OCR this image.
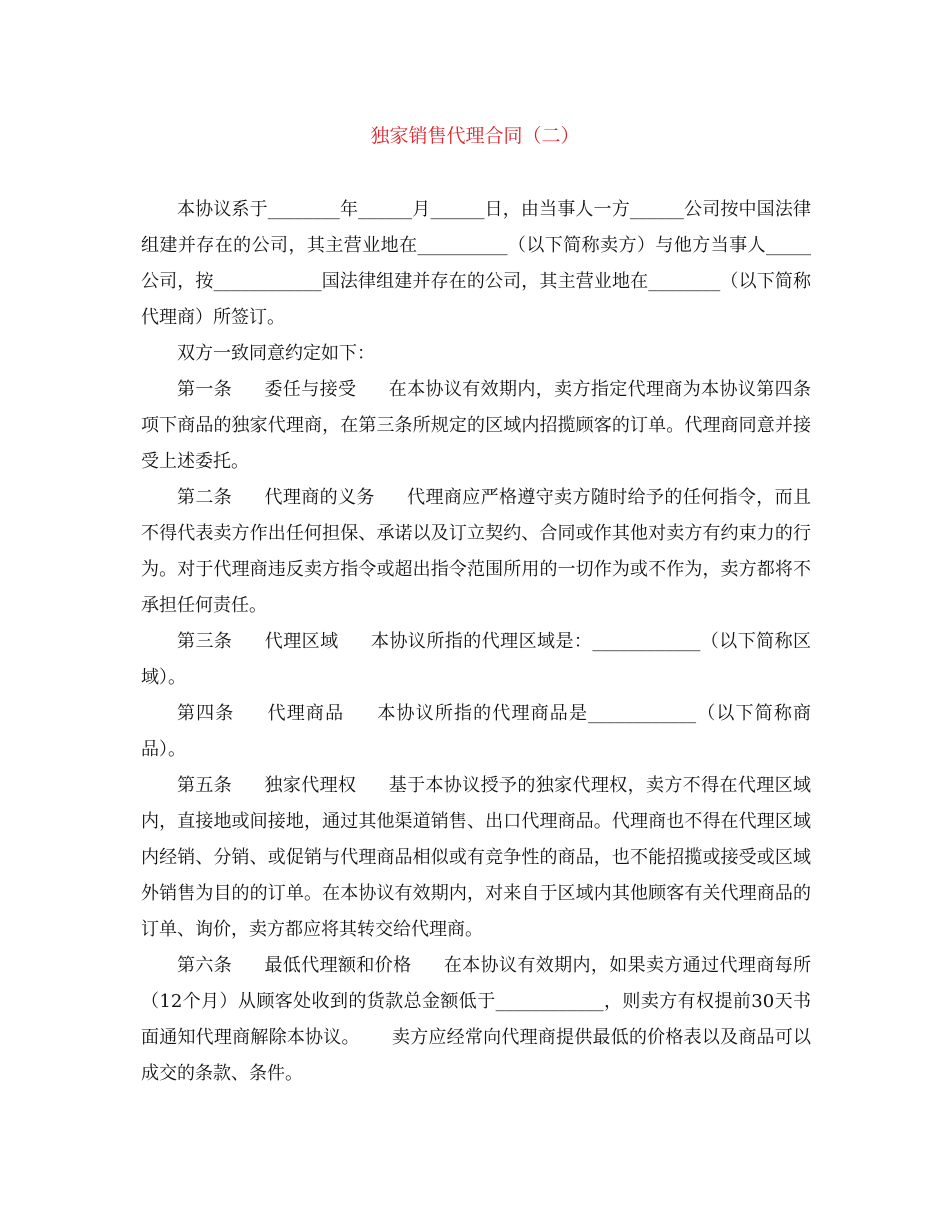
独家销售代理合同（二）

本协议系于________年______月______日，由当事人一方______公司按中国法律组建并存在的公司，其主营业地在__________（以下简称卖方）与他方当事人_____公司，按____________国法律组建并存在的公司，其主营业地在________（以下简称代理商）所签订。

双方一致同意约定如下：

第一条 委任与接受 在本协议有效期内，卖方指定代理商为本协议第四条项下商品的独家代理商，在第三条所规定的区域内招揽顾客的订单。代理商同意并接受上述委托。

第二条 代理商的义务 代理商应严格遵守卖方随时给予的任何指令，而且不得代表卖方作出任何担保、承诺以及订立契约、合同或作其他对卖方有约束力的行为。对于代理商违反卖方指令或超出指令范围所用的一切作为或不作为，卖方都将不承担任何责任。

第三条 代理区域 本协议所指的代理区域是：____________（以下简称区域）。

第四条 代理商品 本协议所指的代理商品是____________（以下简称商品）。

第五条 独家代理权 基于本协议授予的独家代理权，卖方不得在代理区域内，直接地或间接地，通过其他渠道销售、出口代理商品。代理商也不得在代理区域内经销、分销、或促销与代理商品相似或有竞争性的商品，也不能招揽或接受或区域外销售为目的的订单。在本协议有效期内，对来自于区域内其他顾客有关代理商品的订单、询价，卖方都应将其转交给代理商。

第六条 最低代理额和价格 在本协议有效期内，如果卖方通过代理商每所（12个月）从顾客处收到的货款总金额低于____________，则卖方有权提前30天书面通知代理商解除本协议。 卖方应经常向代理商提供最低的价格表以及商品可以成交的条款、条件。
